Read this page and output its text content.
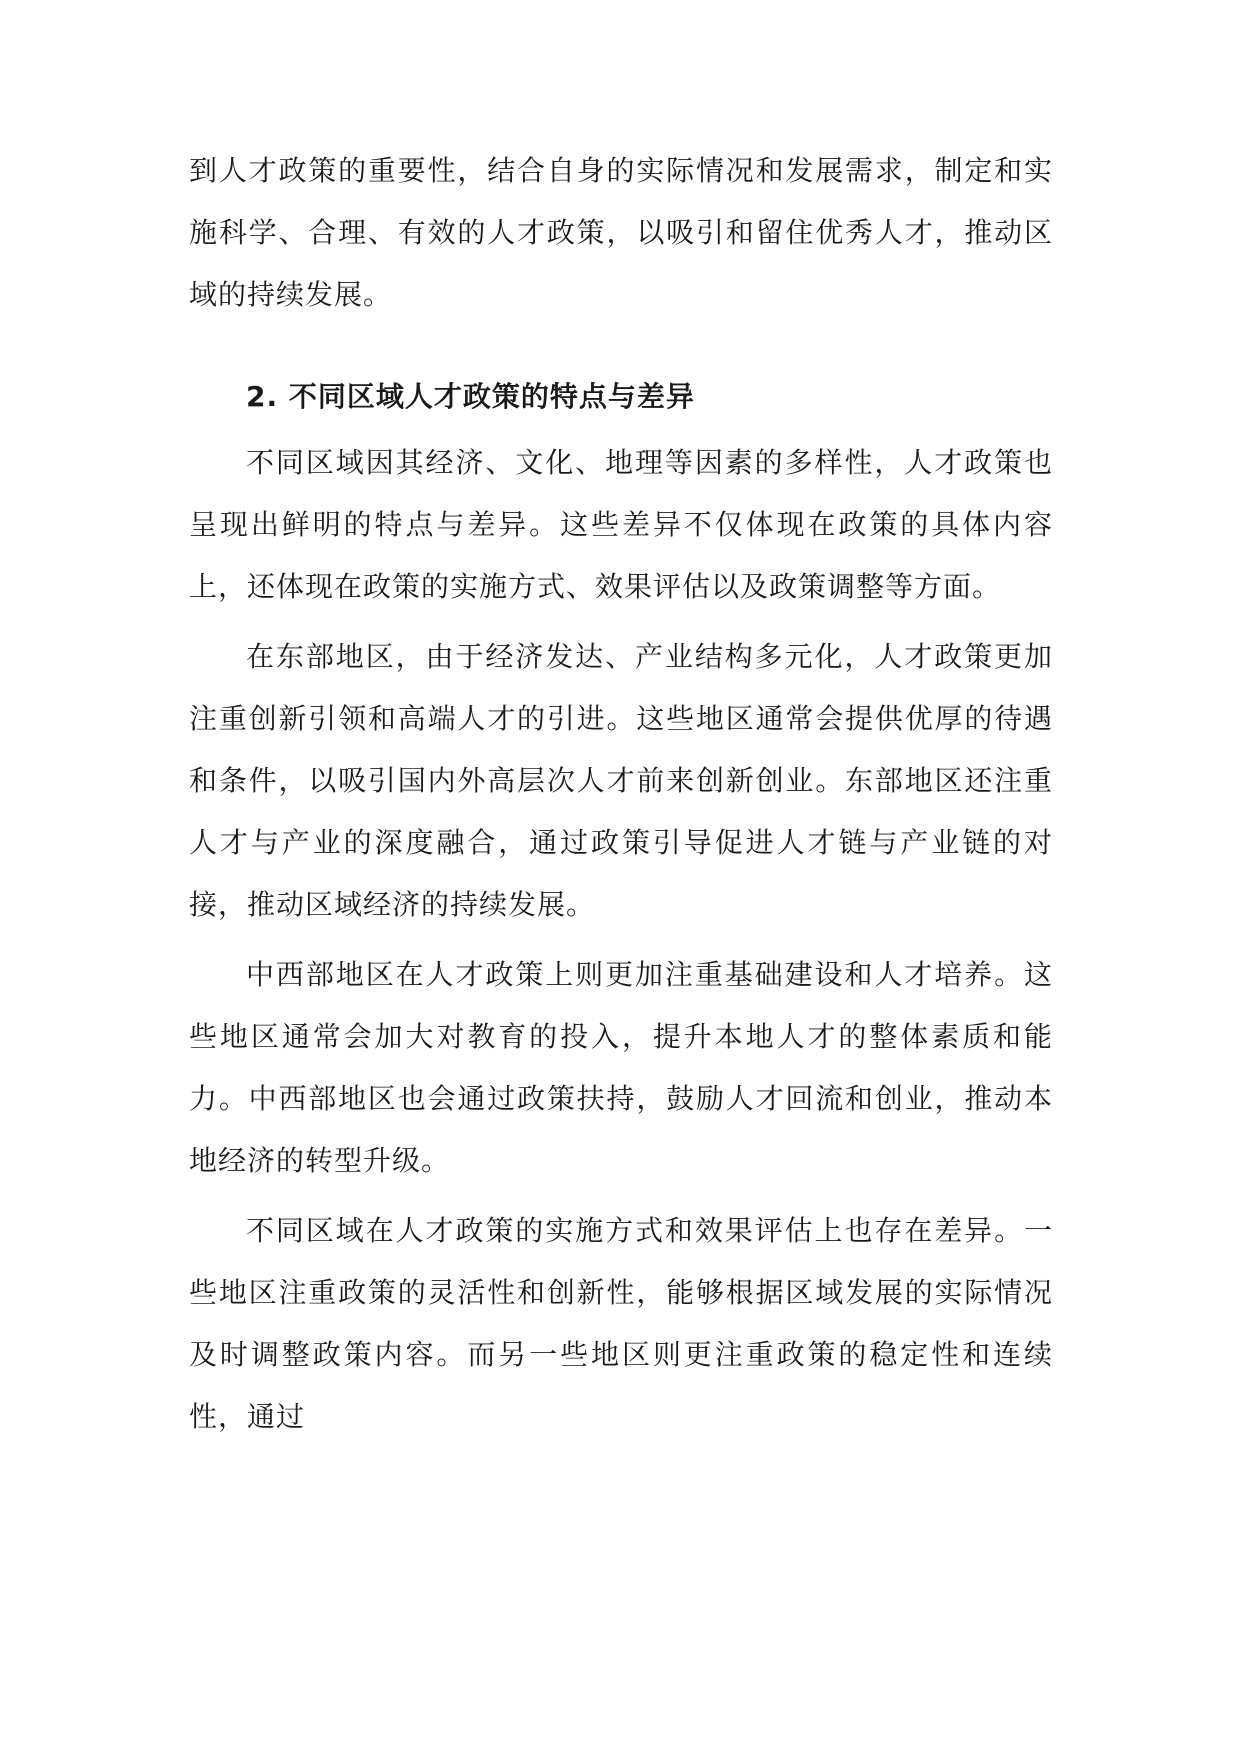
到人才政策的重要性，结合自身的实际情况和发展需求，制定和实施科学、合理、有效的人才政策，以吸引和留住优秀人才，推动区域的持续发展。

2. 不同区域人才政策的特点与差异

不同区域因其经济、文化、地理等因素的多样性，人才政策也呈现出鲜明的特点与差异。这些差异不仅体现在政策的具体内容上，还体现在政策的实施方式、效果评估以及政策调整等方面。

在东部地区，由于经济发达、产业结构多元化，人才政策更加注重创新引领和高端人才的引进。这些地区通常会提供优厚的待遇和条件，以吸引国内外高层次人才前来创新创业。东部地区还注重人才与产业的深度融合，通过政策引导促进人才链与产业链的对接，推动区域经济的持续发展。

中西部地区在人才政策上则更加注重基础建设和人才培养。这些地区通常会加大对教育的投入，提升本地人才的整体素质和能力。中西部地区也会通过政策扶持，鼓励人才回流和创业，推动本地经济的转型升级。

不同区域在人才政策的实施方式和效果评估上也存在差异。一些地区注重政策的灵活性和创新性，能够根据区域发展的实际情况及时调整政策内容。而另一些地区则更注重政策的稳定性和连续性，通过
